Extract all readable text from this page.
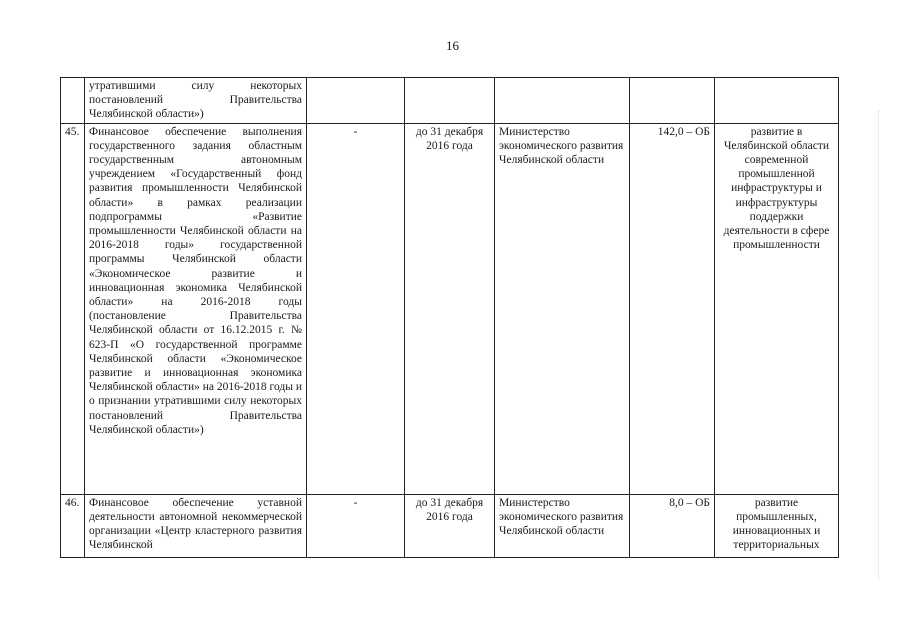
16
	утратившими силу некоторых постановлений Правительства Челябинской области»)					
45.	Финансовое обеспечение выполнения государственного задания областным государственным автономным учреждением «Государственный фонд развития промышленности Челябинской области» в рамках реализации подпрограммы «Развитие промышленности Челябинской области на 2016-2018 годы» государственной программы Челябинской области «Экономическое развитие и инновационная экономика Челябинской области» на 2016-2018 годы (постановление Правительства Челябинской области от 16.12.2015 г. № 623-П «О государственной программе Челябинской области «Экономическое развитие и инновационная экономика Челябинской области» на 2016-2018 годы и о признании утратившими силу некоторых постановлений Правительства Челябинской области»)	-	до 31 декабря 2016 года	Министерство экономического развития Челябинской области	142,0 – ОБ	развитие в Челябинской области современной промышленной инфраструктуры и инфраструктуры поддержки деятельности в сфере промышленности
46.	Финансовое обеспечение уставной деятельности автономной некоммерческой организации «Центр кластерного развития Челябинской	-	до 31 декабря 2016 года	Министерство экономического развития Челябинской области	8,0 – ОБ	развитие промышленных, инновационных и территориальных
